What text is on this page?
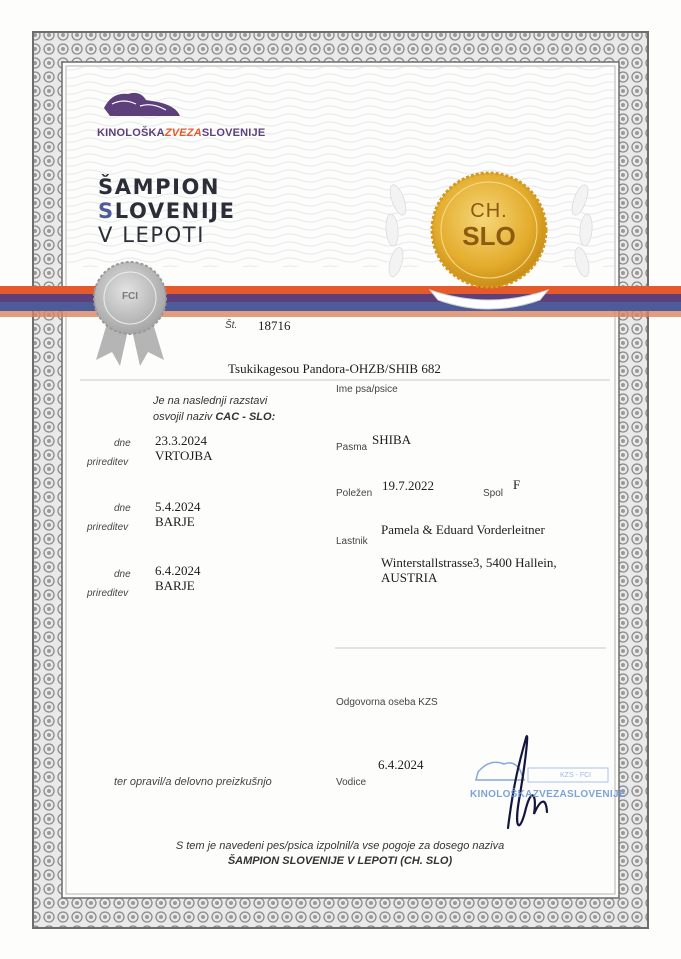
KINOLOŠKAZVEZASLOVENIJE
ŠAMPION
SLOVENIJE
V LEPOTI
CH.
SLO
FCI
Št. 18716
Tsukikagesou Pandora-OHZB/SHIB 682
Ime psa/psice
Je na naslednji razstavi
osvojil naziv CAC - SLO:
dne 23.3.2024
prireditev VRTOJBA
dne 5.4.2024
prireditev BARJE
dne 6.4.2024
prireditev
BARJE
Pasma
SHIBA
Poležen
19.7.2022
Spol
F
Lastnik
Pamela & Eduard Vorderleitner
Winterstallstrasse3, 5400 Hallein,
AUSTRIA
Odgovorna oseba KZS
ter opravil/a delovno preizkušnjo
6.4.2024
Vodice
KINOLOŠKAZVEZASLOVENIJE
KZS - FCI
S tem je navedeni pes/psica izpolnil/a vse pogoje za dosego naziva
ŠAMPION SLOVENIJE V LEPOTI (CH. SLO)
